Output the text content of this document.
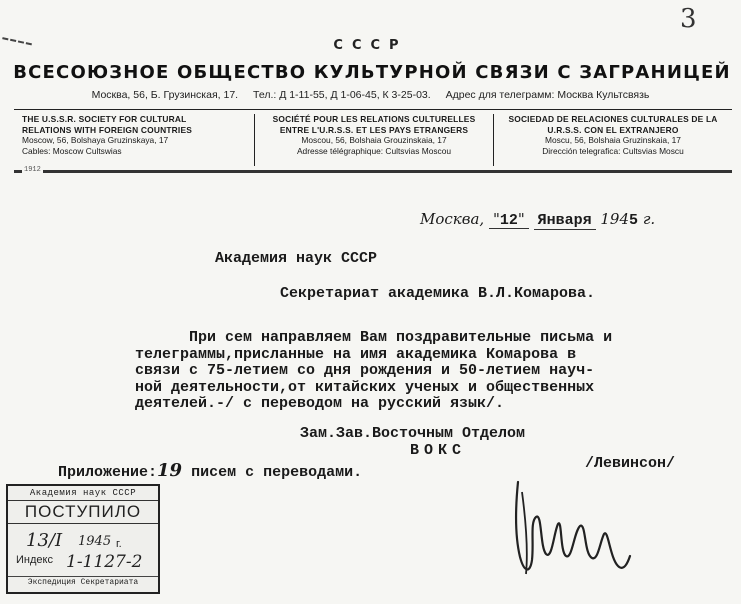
3
СССР
ВСЕСОЮЗНОЕ ОБЩЕСТВО КУЛЬТУРНОЙ СВЯЗИ С ЗАГРАНИЦЕЙ
Москва, 56, Б. Грузинская, 17. Тел.: Д 1-11-55, Д 1-06-45, К 3-25-03. Адрес для телеграмм: Москва Культсвязь
THE U.S.S.R. SOCIETY FOR CULTURAL
RELATIONS WITH FOREIGN COUNTRIES
Moscow, 56, Bolshaya Gruzinskaya, 17
Cables: Moscow Cultswias
SOCIÉTÉ POUR LES RELATIONS CULTURELLES
ENTRE L'U.R.S.S. ET LES PAYS ETRANGERS
Moscou, 56, Bolshaia Grouzinskaia, 17
Adresse télégraphique: Cultsvias Moscou
SOCIEDAD DE RELACIONES CULTURALES DE LA
U.R.S.S. CON EL EXTRANJERO
Moscu, 56, Bolshaia Gruzinskaia, 17
Dirección telegrafica: Cultsvias Moscu
1912
Москва, "12" Января 1945 г.
Академия наук СССР
Секретариат академика В.Л.Комарова.
При сем направляем Вам поздравительные письма и
телеграммы,присланные на имя академика Комарова в
связи с 75-летием со дня рождения и 50-летием науч-
ной деятельности,от китайских ученых и общественных
деятелей.-/ с переводом на русский язык/.
Зам.Зав.Восточным Отделом
ВОКС
Приложение:19 писем с переводами.
/Левинсон/
Академия наук СССР
ПОСТУПИЛО
13/I 1945 г.
Индекс 1-1127-2
Экспедиция Секретариата
